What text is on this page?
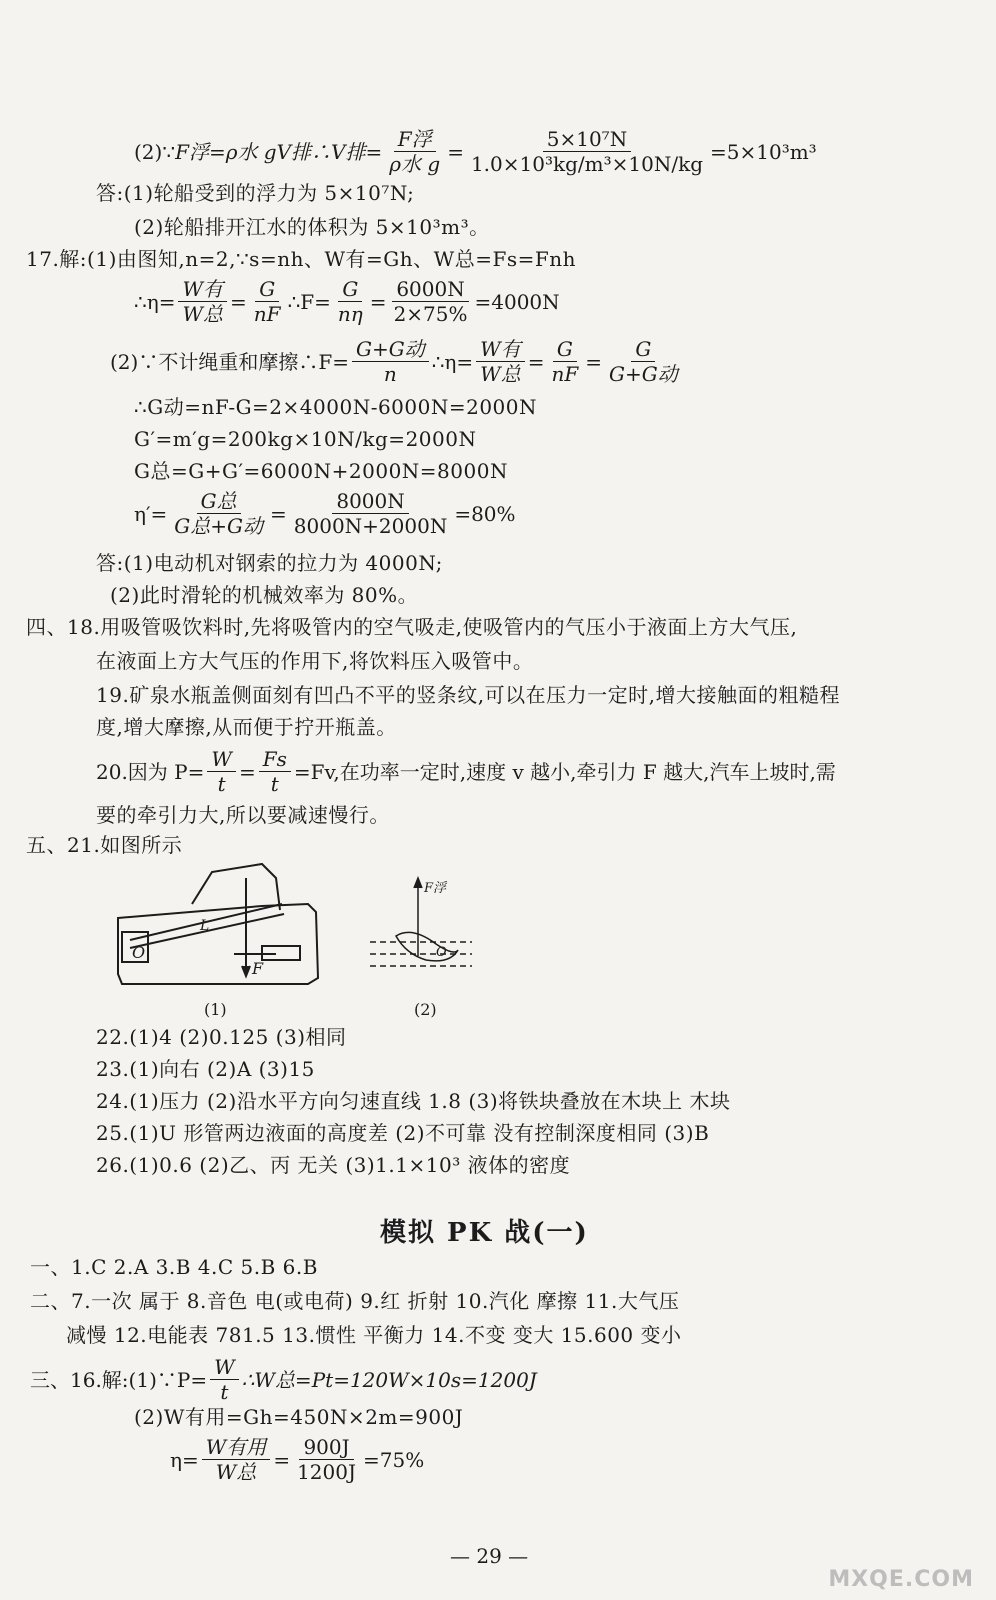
(2)∵ F浮=ρ水 gV排∴V排= $\frac{\text{F浮}}{\text{ρ水 g}} = \frac{\text{5×10⁷N}}{\text{1.0×10³kg/m³×10N/kg}} =5\times 10^3m^3$
答:(1)轮船受到的浮力为 5×10⁷N;
(2)轮船排开江水的体积为 5×10³m³。
17.解:(1)由图知,n=2,∵s=nh、W有=Gh、W总=Fs=Fnh
∴η= $\frac{\text{W有}}{\text{W总}} = \frac{G}{nF}$ ∴F= $\frac{G}{n\eta} = \frac{6000N}{2\times 75\%} =4000N$
(2)∵不计绳重和摩擦∴F= $\frac{\text{G+G动}}{n}$ ∴η= $\frac{\text{W有}}{\text{W总}} = \frac{G}{nF} = \frac{G}{\text{G+G动}}$
∴G动=nF-G=2×4000N-6000N=2000N
G′=m′g=200kg×10N/kg=2000N
G总=G+G′=6000N+2000N=8000N
$\eta'= \frac{\text{G总}}{\text{G总+G动}} = \frac{8000N}{8000N+2000N} =80\%$
答:(1)电动机对钢索的拉力为 4000N;
(2)此时滑轮的机械效率为 80%。
四、18.用吸管吸饮料时,先将吸管内的空气吸走,使吸管内的气压小于液面上方大气压,
在液面上方大气压的作用下,将饮料压入吸管中。
19.矿泉水瓶盖侧面刻有凹凸不平的竖条纹,可以在压力一定时,增大接触面的粗糙程
度,增大摩擦,从而便于拧开瓶盖。
20.因为 $P= \frac{W}{t} = \frac{Fs}{t} =Fv$,在功率一定时,速度 v 越小,牵引力 F 越大,汽车上坡时,需
要的牵引力大,所以要减速慢行。
五、21.如图所示
O
L
F
(1)
O
F浮
(2)
22.(1)4 (2)0.125 (3)相同
23.(1)向右 (2)A (3)15
24.(1)压力 (2)沿水平方向匀速直线 1.8 (3)将铁块叠放在木块上 木块
25.(1)U 形管两边液面的高度差 (2)不可靠 没有控制深度相同 (3)B
26.(1)0.6 (2)乙、丙 无关 (3)1.1×10³ 液体的密度
模拟 PK 战(一)
一、1.C 2.A 3.B 4.C 5.B 6.B
二、7.一次 属于 8.音色 电(或电荷) 9.红 折射 10.汽化 摩擦 11.大气压
减慢 12.电能表 781.5 13.惯性 平衡力 14.不变 变大 15.600 变小
三、16.解:(1)∵P= $\frac{W}{t}$ ∴W总=Pt=120W×10s=1200J
(2)W有用=Gh=450N×2m=900J
$\eta= \frac{\text{W有用}}{\text{W总}} = \frac{900J}{1200J} =75\%$
— 29 —
MXQE.COM
